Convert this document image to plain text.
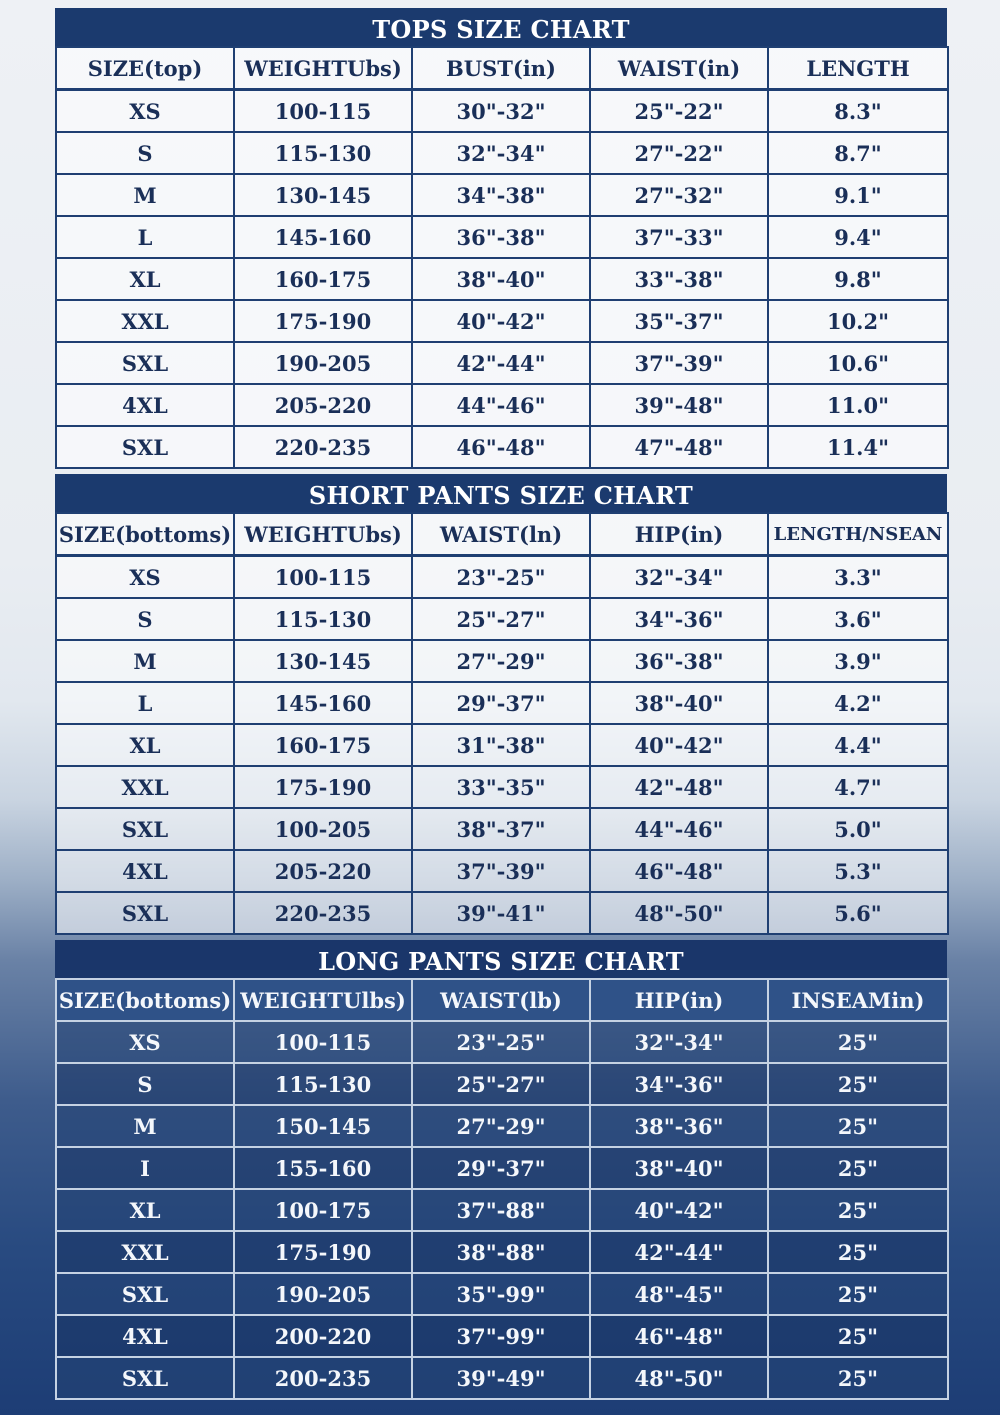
TOPS SIZE CHART
SIZE(top)	WEIGHTUbs)	BUST(in)	WAIST(in)	LENGTH
XS	100-115	30"-32"	25"-22"	8.3"
S	115-130	32"-34"	27"-22"	8.7"
M	130-145	34"-38"	27"-32"	9.1"
L	145-160	36"-38"	37"-33"	9.4"
XL	160-175	38"-40"	33"-38"	9.8"
XXL	175-190	40"-42"	35"-37"	10.2"
SXL	190-205	42"-44"	37"-39"	10.6"
4XL	205-220	44"-46"	39"-48"	11.0"
SXL	220-235	46"-48"	47"-48"	11.4"
SHORT PANTS SIZE CHART
SIZE(bottoms)	WEIGHTUbs)	WAIST(ln)	HIP(in)	LENGTH/NSEAN
XS	100-115	23"-25"	32"-34"	3.3"
S	115-130	25"-27"	34"-36"	3.6"
M	130-145	27"-29"	36"-38"	3.9"
L	145-160	29"-37"	38"-40"	4.2"
XL	160-175	31"-38"	40"-42"	4.4"
XXL	175-190	33"-35"	42"-48"	4.7"
SXL	100-205	38"-37"	44"-46"	5.0"
4XL	205-220	37"-39"	46"-48"	5.3"
SXL	220-235	39"-41"	48"-50"	5.6"
LONG PANTS SIZE CHART
SIZE(bottoms)	WEIGHTUlbs)	WAIST(lb)	HIP(in)	INSEAMin)
XS	100-115	23"-25"	32"-34"	25"
S	115-130	25"-27"	34"-36"	25"
M	150-145	27"-29"	38"-36"	25"
I	155-160	29"-37"	38"-40"	25"
XL	100-175	37"-88"	40"-42"	25"
XXL	175-190	38"-88"	42"-44"	25"
SXL	190-205	35"-99"	48"-45"	25"
4XL	200-220	37"-99"	46"-48"	25"
SXL	200-235	39"-49"	48"-50"	25"
